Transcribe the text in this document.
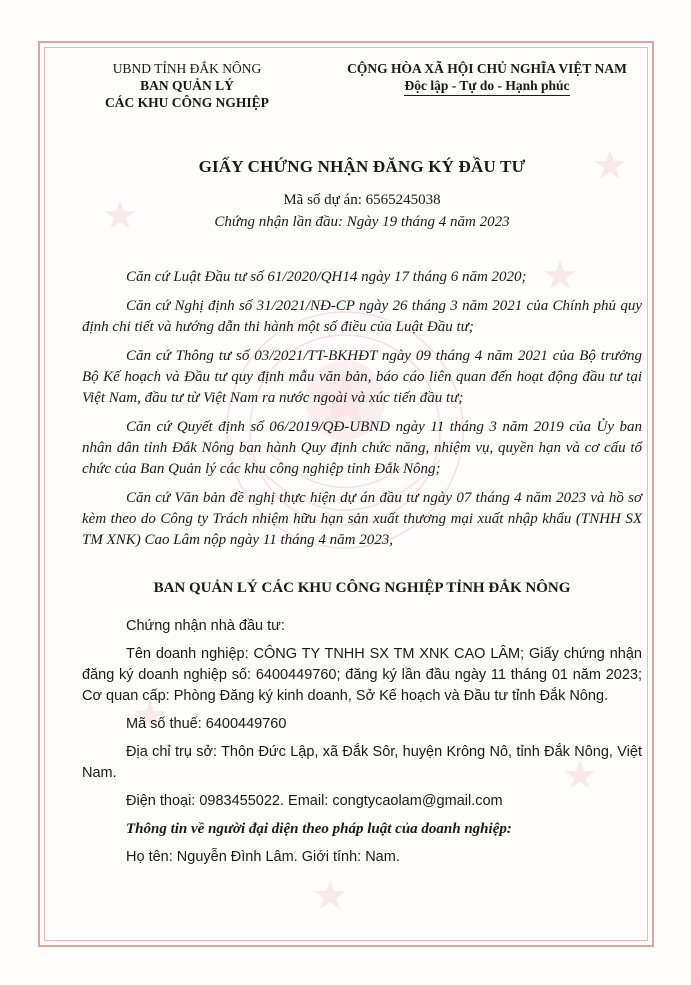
UBND TỈNH ĐẮK NÔNG
BAN QUẢN LÝ
CÁC KHU CÔNG NGHIỆP
CỘNG HÒA XÃ HỘI CHỦ NGHĨA VIỆT NAM
Độc lập - Tự do - Hạnh phúc
GIẤY CHỨNG NHẬN ĐĂNG KÝ ĐẦU TƯ
Mã số dự án: 6565245038
Chứng nhận lần đầu: Ngày 19 tháng 4 năm 2023

Căn cứ Luật Đầu tư số 61/2020/QH14 ngày 17 tháng 6 năm 2020;

Căn cứ Nghị định số 31/2021/NĐ-CP ngày 26 tháng 3 năm 2021 của Chính phủ quy định chi tiết và hướng dẫn thi hành một số điều của Luật Đầu tư;

Căn cứ Thông tư số 03/2021/TT-BKHĐT ngày 09 tháng 4 năm 2021 của Bộ trưởng Bộ Kế hoạch và Đầu tư quy định mẫu văn bản, báo cáo liên quan đến hoạt động đầu tư tại Việt Nam, đầu tư từ Việt Nam ra nước ngoài và xúc tiến đầu tư;

Căn cứ Quyết định số 06/2019/QĐ-UBND ngày 11 tháng 3 năm 2019 của Ủy ban nhân dân tỉnh Đắk Nông ban hành Quy định chức năng, nhiệm vụ, quyền hạn và cơ cấu tổ chức của Ban Quản lý các khu công nghiệp tỉnh Đắk Nông;

Căn cứ Văn bản đề nghị thực hiện dự án đầu tư ngày 07 tháng 4 năm 2023 và hồ sơ kèm theo do Công ty Trách nhiệm hữu hạn sản xuất thương mại xuất nhập khẩu (TNHH SX TM XNK) Cao Lâm nộp ngày 11 tháng 4 năm 2023,

BAN QUẢN LÝ CÁC KHU CÔNG NGHIỆP TỈNH ĐẮK NÔNG

Chứng nhận nhà đầu tư:

Tên doanh nghiệp: CÔNG TY TNHH SX TM XNK CAO LÂM; Giấy chứng nhận đăng ký doanh nghiệp số: 6400449760; đăng ký lần đầu ngày 11 tháng 01 năm 2023; Cơ quan cấp: Phòng Đăng ký kinh doanh, Sở Kế hoạch và Đầu tư tỉnh Đắk Nông.

Mã số thuế: 6400449760

Địa chỉ trụ sở: Thôn Đức Lập, xã Đắk Sôr, huyện Krông Nô, tỉnh Đắk Nông, Việt Nam.

Điện thoại: 0983455022. Email: congtycaolam@gmail.com

Thông tin về người đại diện theo pháp luật của doanh nghiệp:

Họ tên: Nguyễn Đình Lâm. Giới tính: Nam.
